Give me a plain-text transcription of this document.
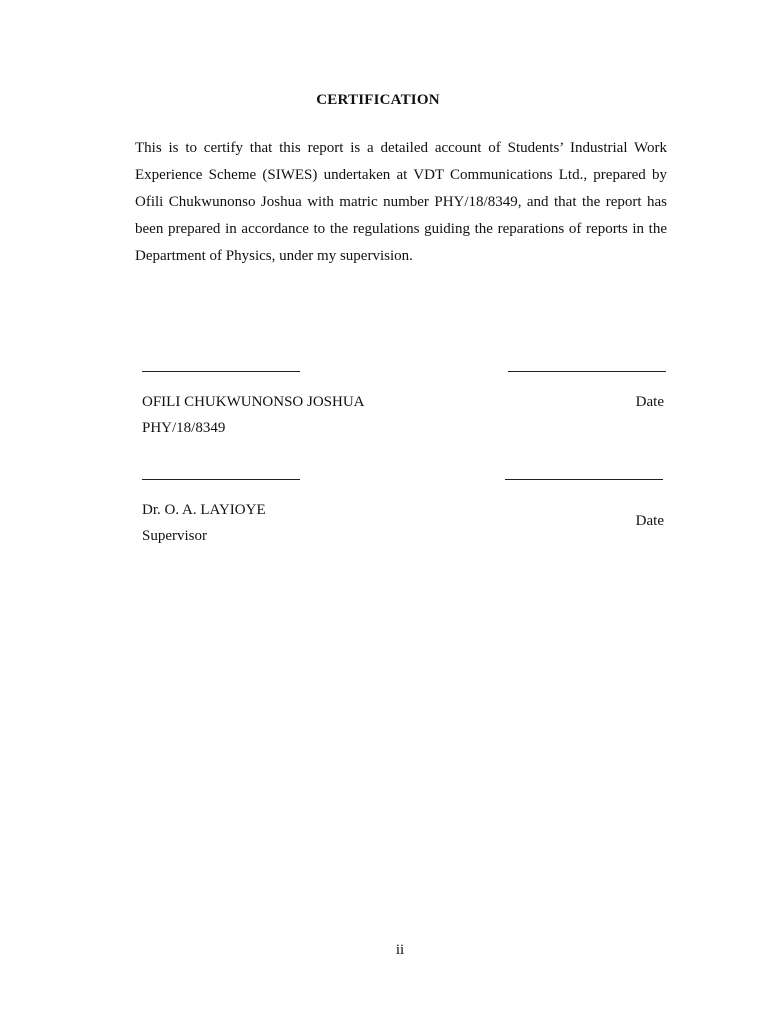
CERTIFICATION

This is to certify that this report is a detailed account of Students’ Industrial Work Experience Scheme (SIWES) undertaken at VDT Communications Ltd., prepared by Ofili Chukwunonso Joshua with matric number PHY/18/8349, and that the report has been prepared in accordance to the regulations guiding the reparations of reports in the Department of Physics, under my supervision.

OFILI CHUKWUNONSO JOSHUA
PHY/18/8349
Date
Dr. O. A. LAYIOYE
Supervisor
Date
ii
